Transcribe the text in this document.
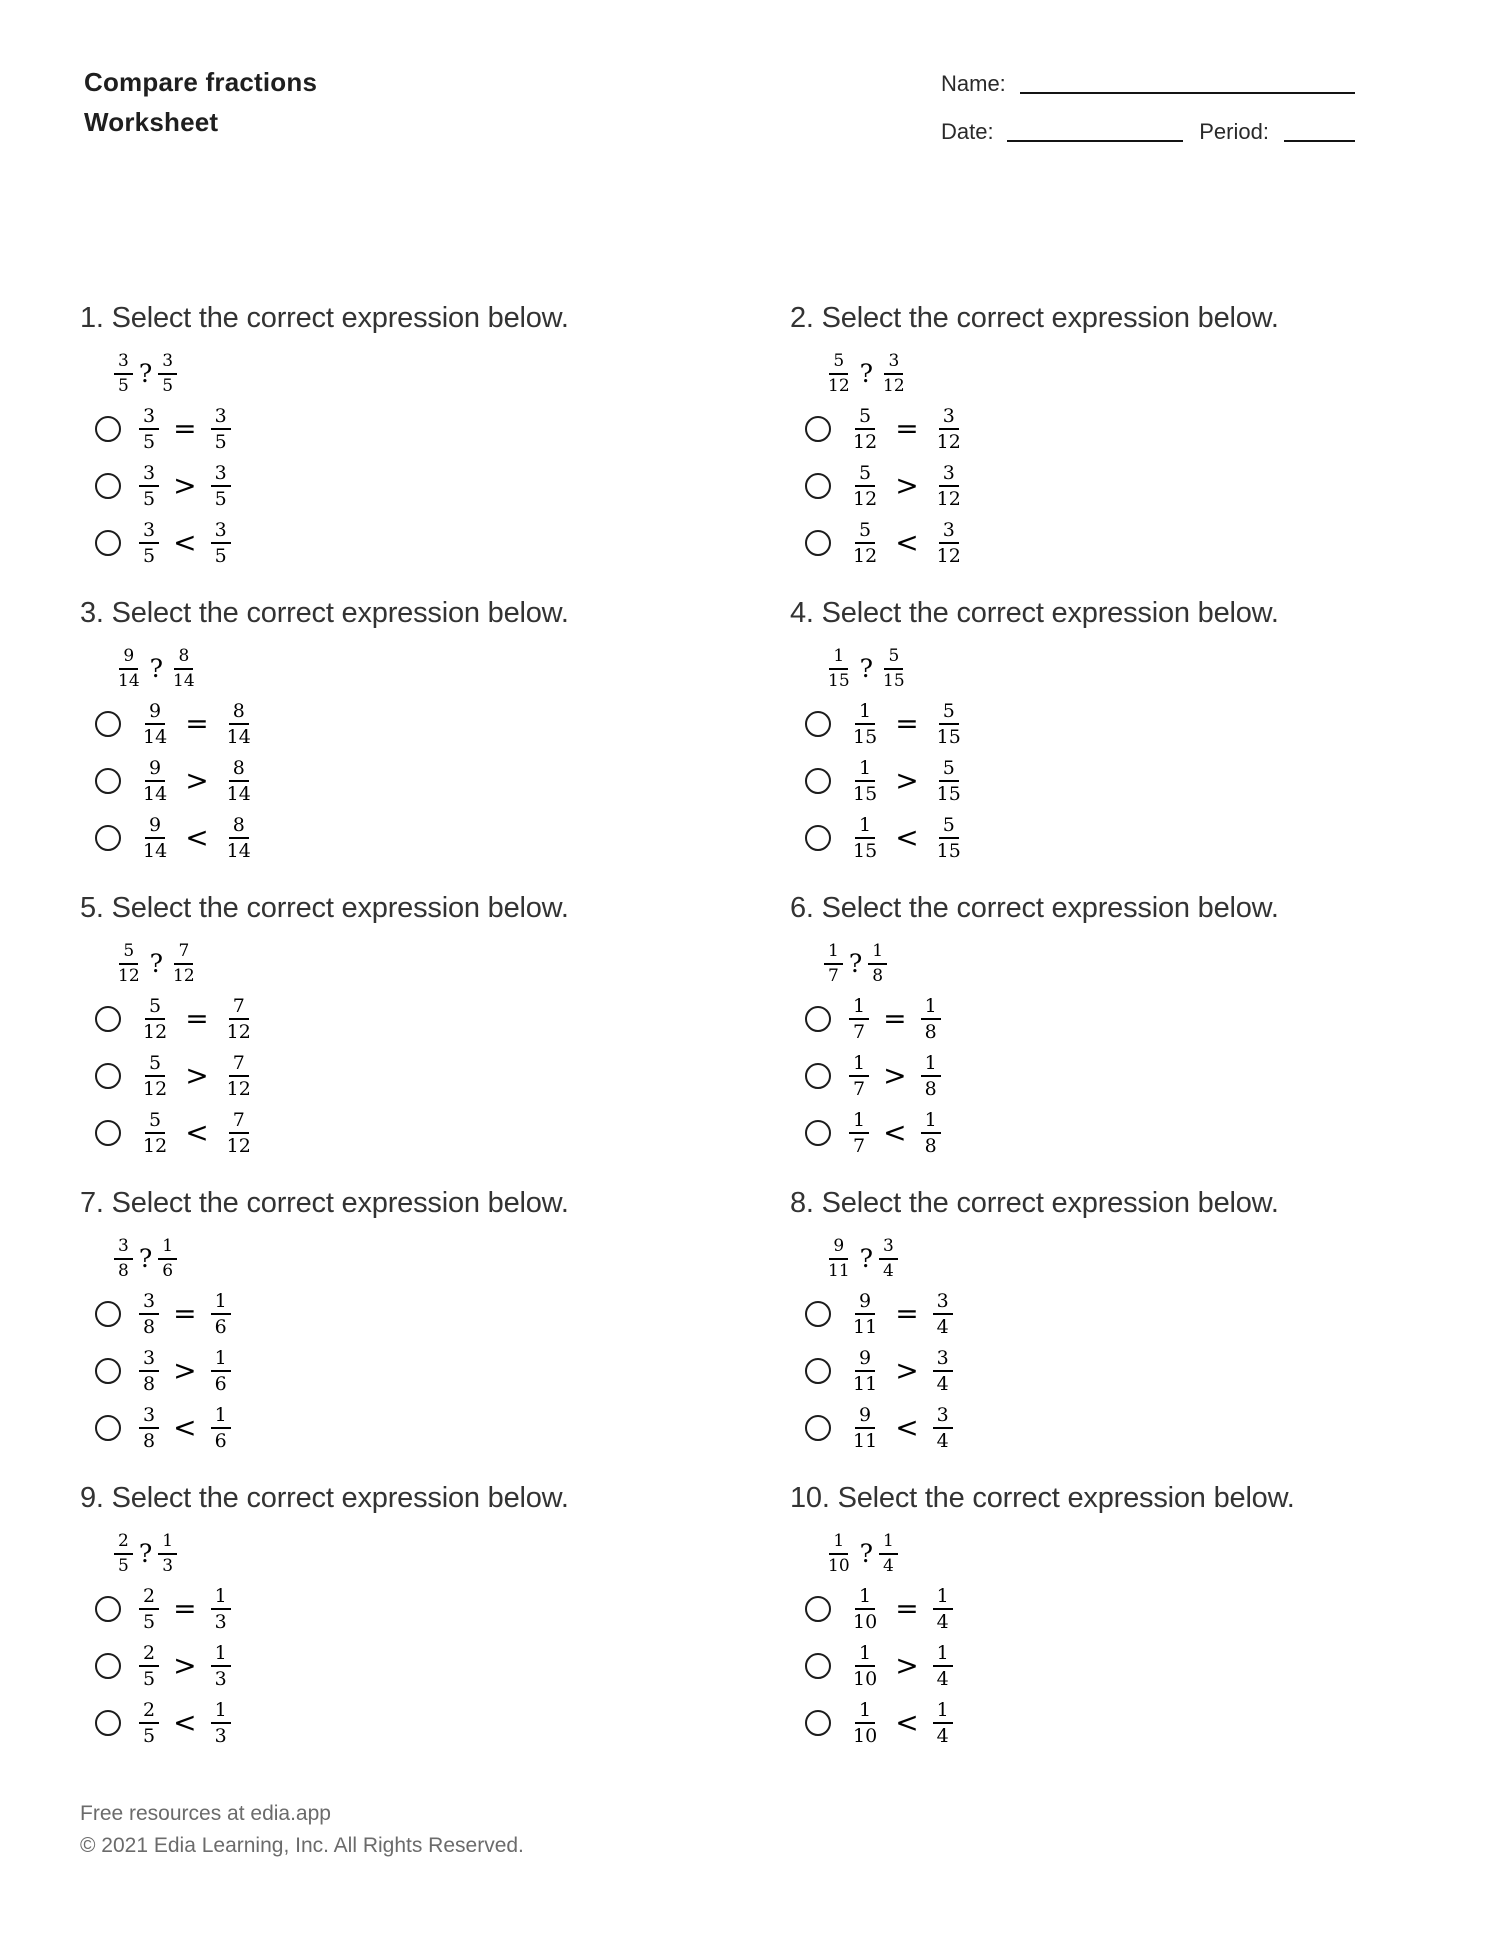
Compare fractions
Worksheet
Name:
Date:	Period:
1. Select the correct expression below.
$\frac{3}{5}$ ? $\frac{3}{5}$
$\frac{3}{5} = \frac{3}{5}$
$\frac{3}{5} > \frac{3}{5}$
$\frac{3}{5} < \frac{3}{5}$
2. Select the correct expression below.
$\frac{5}{12}$ ? $\frac{3}{12}$
$\frac{5}{12} = \frac{3}{12}$
$\frac{5}{12} > \frac{3}{12}$
$\frac{5}{12} < \frac{3}{12}$
3. Select the correct expression below.
$\frac{9}{14}$ ? $\frac{8}{14}$
$\frac{9}{14} = \frac{8}{14}$
$\frac{9}{14} > \frac{8}{14}$
$\frac{9}{14} < \frac{8}{14}$
4. Select the correct expression below.
$\frac{1}{15}$ ? $\frac{5}{15}$
$\frac{1}{15} = \frac{5}{15}$
$\frac{1}{15} > \frac{5}{15}$
$\frac{1}{15} < \frac{5}{15}$
5. Select the correct expression below.
$\frac{5}{12}$ ? $\frac{7}{12}$
$\frac{5}{12} = \frac{7}{12}$
$\frac{5}{12} > \frac{7}{12}$
$\frac{5}{12} < \frac{7}{12}$
6. Select the correct expression below.
$\frac{1}{7}$ ? $\frac{1}{8}$
$\frac{1}{7} = \frac{1}{8}$
$\frac{1}{7} > \frac{1}{8}$
$\frac{1}{7} < \frac{1}{8}$
7. Select the correct expression below.
$\frac{3}{8}$ ? $\frac{1}{6}$
$\frac{3}{8} = \frac{1}{6}$
$\frac{3}{8} > \frac{1}{6}$
$\frac{3}{8} < \frac{1}{6}$
8. Select the correct expression below.
$\frac{9}{11}$ ? $\frac{3}{4}$
$\frac{9}{11} = \frac{3}{4}$
$\frac{9}{11} > \frac{3}{4}$
$\frac{9}{11} < \frac{3}{4}$
9. Select the correct expression below.
$\frac{2}{5}$ ? $\frac{1}{3}$
$\frac{2}{5} = \frac{1}{3}$
$\frac{2}{5} > \frac{1}{3}$
$\frac{2}{5} < \frac{1}{3}$
10. Select the correct expression below.
$\frac{1}{10}$ ? $\frac{1}{4}$
$\frac{1}{10} = \frac{1}{4}$
$\frac{1}{10} > \frac{1}{4}$
$\frac{1}{10} < \frac{1}{4}$
Free resources at edia.app
© 2021 Edia Learning, Inc. All Rights Reserved.
